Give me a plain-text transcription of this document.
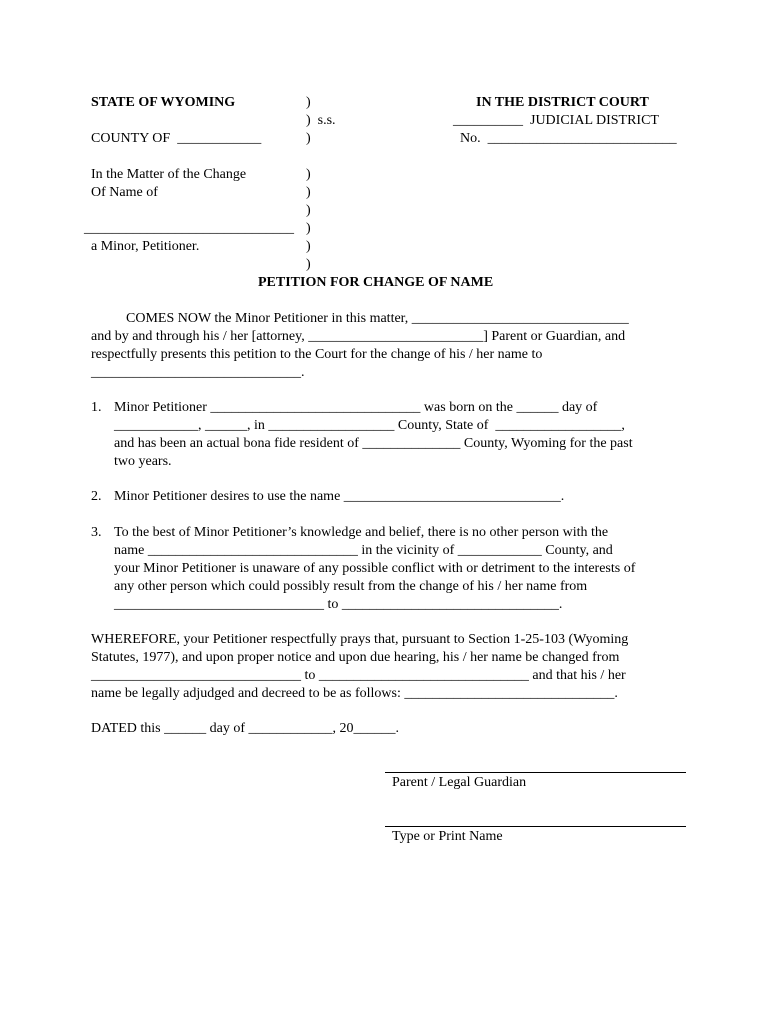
STATE OF WYOMING
COUNTY OF  ____________
)
)  s.s.
)
IN THE DISTRICT COURT
__________  JUDICIAL DISTRICT
No.  ___________________________
In the Matter of the Change
Of Name of
______________________________
a Minor, Petitioner.
)
)
)
)
)
)
PETITION FOR CHANGE OF NAME
COMES NOW the Minor Petitioner in this matter, _______________________________
and by and through his / her [attorney, _________________________] Parent or Guardian, and
respectfully presents this petition to the Court for the change of his / her name to
______________________________.
1. Minor Petitioner ______________________________ was born on the ______ day of
____________, ______, in __________________ County, State of  __________________,
and has been an actual bona fide resident of ______________ County, Wyoming for the past
two years.
2. Minor Petitioner desires to use the name _______________________________.
3. To the best of Minor Petitioner’s knowledge and belief, there is no other person with the
name ______________________________ in the vicinity of ____________ County, and
your Minor Petitioner is unaware of any possible conflict with or detriment to the interests of
any other person which could possibly result from the change of his / her name from
______________________________ to _______________________________.
WHEREFORE, your Petitioner respectfully prays that, pursuant to Section 1-25-103 (Wyoming
Statutes, 1977), and upon proper notice and upon due hearing, his / her name be changed from
______________________________ to ______________________________ and that his / her
name be legally adjudged and decreed to be as follows: ______________________________.
DATED this ______ day of ____________, 20______.
Parent / Legal Guardian
Type or Print Name
